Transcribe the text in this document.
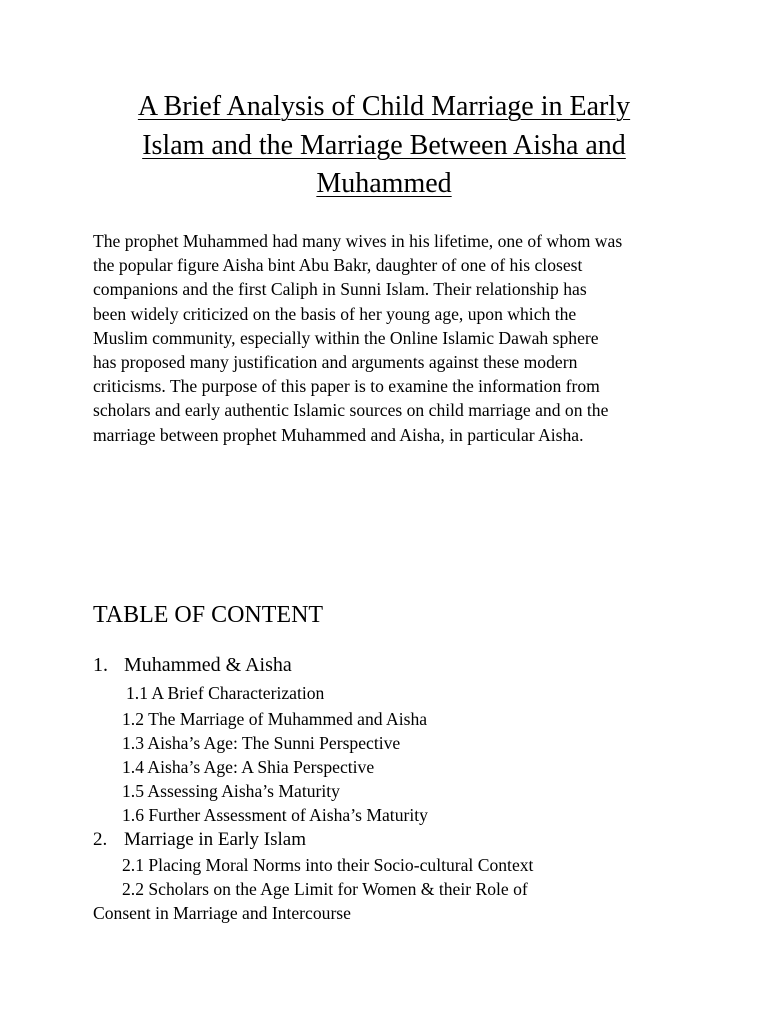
A Brief Analysis of Child Marriage in Early
Islam and the Marriage Between Aisha and
Muhammed

The prophet Muhammed had many wives in his lifetime, one of whom was
the popular figure Aisha bint Abu Bakr, daughter of one of his closest
companions and the first Caliph in Sunni Islam. Their relationship has
been widely criticized on the basis of her young age, upon which the
Muslim community, especially within the Online Islamic Dawah sphere
has proposed many justification and arguments against these modern
criticisms. The purpose of this paper is to examine the information from
scholars and early authentic Islamic sources on child marriage and on the
marriage between prophet Muhammed and Aisha, in particular Aisha.

TABLE OF CONTENT
1. Muhammed & Aisha
1.1 A Brief Characterization
1.2 The Marriage of Muhammed and Aisha
1.3 Aisha’s Age: The Sunni Perspective
1.4 Aisha’s Age: A Shia Perspective
1.5 Assessing Aisha’s Maturity
1.6 Further Assessment of Aisha’s Maturity
2. Marriage in Early Islam
2.1 Placing Moral Norms into their Socio-cultural Context
2.2 Scholars on the Age Limit for Women & their Role of
Consent in Marriage and Intercourse
